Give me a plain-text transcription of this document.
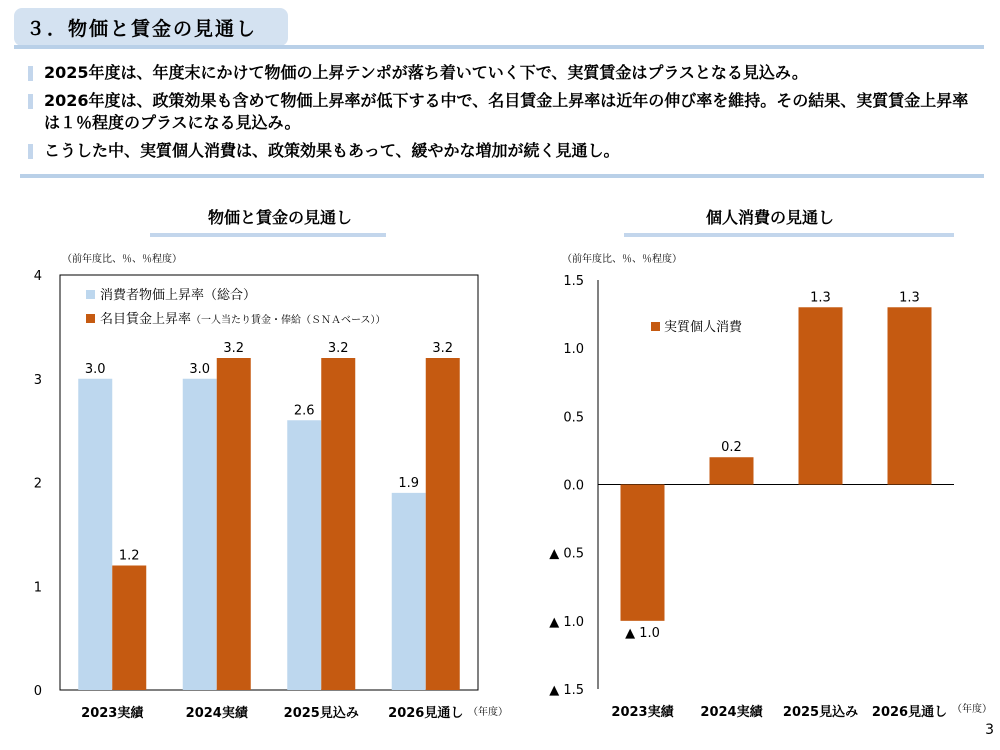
３．物価と賃金の見通し
2025年度は、年度末にかけて物価の上昇テンポが落ち着いていく下で、実質賃金はプラスとなる見込み。
2026年度は、政策効果も含めて物価上昇率が低下する中で、名目賃金上昇率は近年の伸び率を維持。その結果、実質賃金上昇率は１％程度のプラスになる見込み。
こうした中、実質個人消費は、政策効果もあって、緩やかな増加が続く見通し。
物価と賃金の見通し	個人消費の見通し
0
1
2
3
4
（前年度比、％、％程度）
3.0
1.2
2023実績
3.0
3.2
2024実績
2.6
3.2
2025見込み
1.9
3.2
2026見通し （年度）
消費者物価上昇率（総合）
名目賃金上昇率（一人当たり賃金・俸給（ＳＮＡベース））
▲ 1.5
▲ 1.0
▲ 0.5
0.0
0.5
1.0
1.5
（前年度比、％、％程度）
▲ 1.0
2023実績
0.2
2024実績
1.3
2025見込み
1.3
2026見通し （年度）
実質個人消費
3
